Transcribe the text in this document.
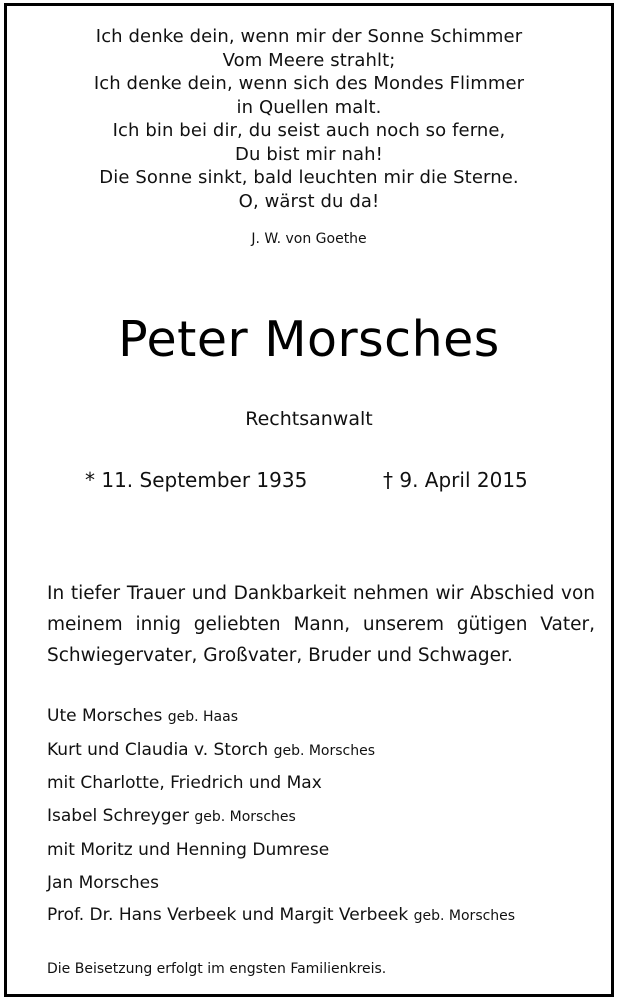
Ich denke dein, wenn mir der Sonne Schimmer
Vom Meere strahlt;
Ich denke dein, wenn sich des Mondes Flimmer
in Quellen malt.
Ich bin bei dir, du seist auch noch so ferne,
Du bist mir nah!
Die Sonne sinkt, bald leuchten mir die Sterne.
O, wärst du da!
J. W. von Goethe
Peter Morsches
Rechtsanwalt
* 11. September 1935	† 9. April 2015
In tiefer Trauer und Dankbarkeit nehmen wir Abschied von meinem innig geliebten Mann, unserem gütigen Vater, Schwiegervater, Großvater, Bruder und Schwager.
Ute Morsches geb. Haas
Kurt und Claudia v. Storch geb. Morsches
mit Charlotte, Friedrich und Max
Isabel Schreyger geb. Morsches
mit Moritz und Henning Dumrese
Jan Morsches
Prof. Dr. Hans Verbeek und Margit Verbeek geb. Morsches
Die Beisetzung erfolgt im engsten Familienkreis.
